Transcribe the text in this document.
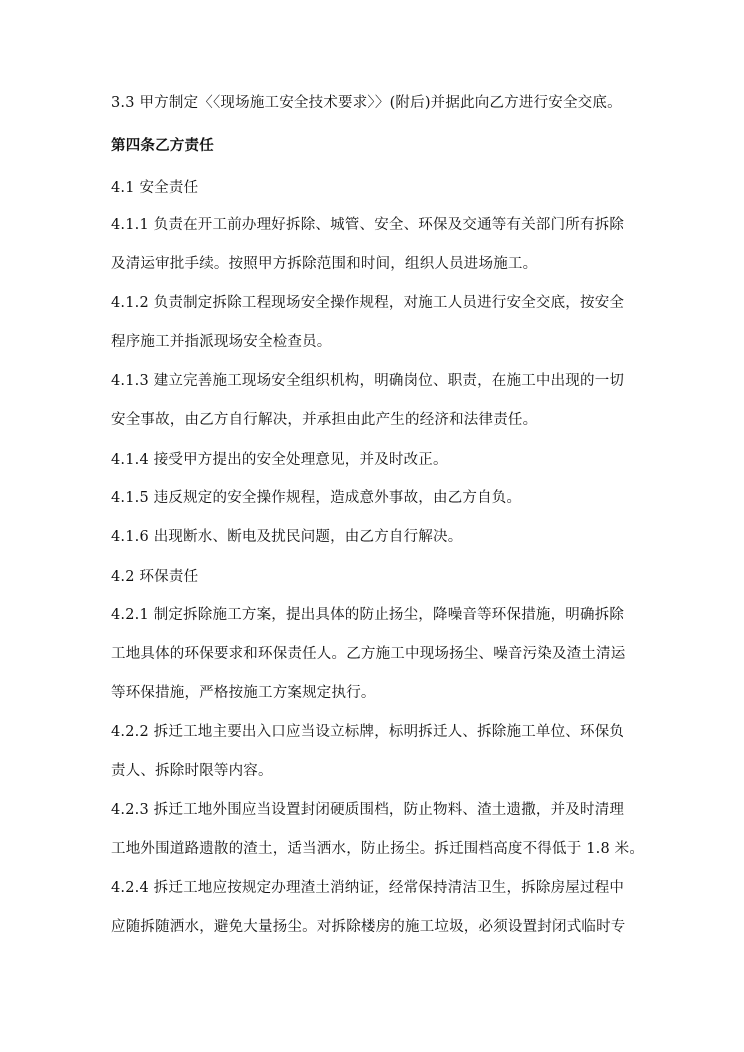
3.3 甲方制定〈〈现场施工安全技术要求〉〉(附后)并据此向乙方进行安全交底。
第四条乙方责任
4.1 安全责任
4.1.1 负责在开工前办理好拆除、城管、安全、环保及交通等有关部门所有拆除
及清运审批手续。按照甲方拆除范围和时间，组织人员进场施工。
4.1.2 负责制定拆除工程现场安全操作规程，对施工人员进行安全交底，按安全
程序施工并指派现场安全检查员。
4.1.3 建立完善施工现场安全组织机构，明确岗位、职责，在施工中出现的一切
安全事故，由乙方自行解决，并承担由此产生的经济和法律责任。
4.1.4 接受甲方提出的安全处理意见，并及时改正。
4.1.5 违反规定的安全操作规程，造成意外事故，由乙方自负。
4.1.6 出现断水、断电及扰民问题，由乙方自行解决。
4.2 环保责任
4.2.1 制定拆除施工方案，提出具体的防止扬尘，降噪音等环保措施，明确拆除
工地具体的环保要求和环保责任人。乙方施工中现场扬尘、噪音污染及渣土清运
等环保措施，严格按施工方案规定执行。
4.2.2 拆迁工地主要出入口应当设立标牌，标明拆迁人、拆除施工单位、环保负
责人、拆除时限等内容。
4.2.3 拆迁工地外围应当设置封闭硬质围档，防止物料、渣土遗撒，并及时清理
工地外围道路遗散的渣土，适当洒水，防止扬尘。拆迁围档高度不得低于 1.8 米。
4.2.4 拆迁工地应按规定办理渣土消纳证，经常保持清洁卫生，拆除房屋过程中
应随拆随洒水，避免大量扬尘。对拆除楼房的施工垃圾，必须设置封闭式临时专
